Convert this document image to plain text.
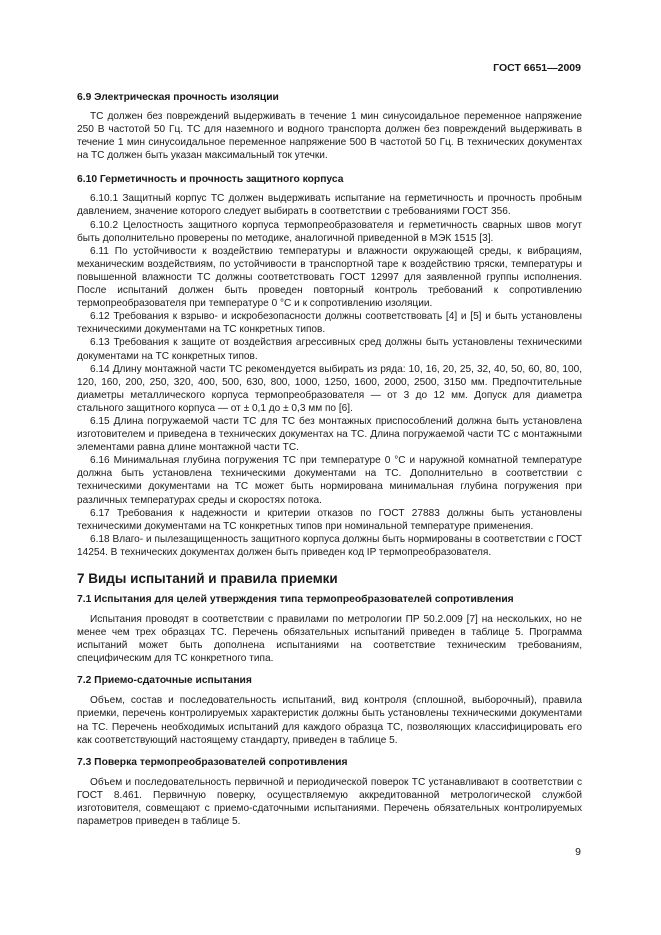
ГОСТ 6651—2009
6.9 Электрическая прочность изоляции

ТС должен без повреждений выдерживать в течение 1 мин синусоидальное переменное напряжение 250 В частотой 50 Гц. ТС для наземного и водного транспорта должен без повреждений выдерживать в течение 1 мин синусоидальное переменное напряжение 500 В частотой 50 Гц. В технических документах на ТС должен быть указан максимальный ток утечки.

6.10 Герметичность и прочность защитного корпуса

6.10.1 Защитный корпус ТС должен выдерживать испытание на герметичность и прочность пробным давлением, значение которого следует выбирать в соответствии с требованиями ГОСТ 356.

6.10.2 Целостность защитного корпуса термопреобразователя и герметичность сварных швов могут быть дополнительно проверены по методике, аналогичной приведенной в МЭК 1515 [3].

6.11 По устойчивости к воздействию температуры и влажности окружающей среды, к вибрациям, механическим воздействиям, по устойчивости в транспортной таре к воздействию тряски, температуры и повышенной влажности ТС должны соответствовать ГОСТ 12997 для заявленной группы исполнения. После испытаний должен быть проведен повторный контроль требований к сопротивлению термопреобразователя при температуре 0 °С и к сопротивлению изоляции.

6.12 Требования к взрыво- и искробезопасности должны соответствовать [4] и [5] и быть установлены техническими документами на ТС конкретных типов.

6.13 Требования к защите от воздействия агрессивных сред должны быть установлены техническими документами на ТС конкретных типов.

6.14 Длину монтажной части ТС рекомендуется выбирать из ряда: 10, 16, 20, 25, 32, 40, 50, 60, 80, 100, 120, 160, 200, 250, 320, 400, 500, 630, 800, 1000, 1250, 1600, 2000, 2500, 3150 мм. Предпочтительные диаметры металлического корпуса термопреобразователя — от 3 до 12 мм. Допуск для диаметра стального защитного корпуса — от ± 0,1 до ± 0,3 мм по [6].

6.15 Длина погружаемой части ТС для ТС без монтажных приспособлений должна быть установлена изготовителем и приведена в технических документах на ТС. Длина погружаемой части ТС с монтажными элементами равна длине монтажной части ТС.

6.16 Минимальная глубина погружения ТС при температуре 0 °С и наружной комнатной температуре должна быть установлена техническими документами на ТС. Дополнительно в соответствии с техническими документами на ТС может быть нормирована минимальная глубина погружения при различных температурах среды и скоростях потока.

6.17 Требования к надежности и критерии отказов по ГОСТ 27883 должны быть установлены техническими документами на ТС конкретных типов при номинальной температуре применения.

6.18 Влаго- и пылезащищенность защитного корпуса должны быть нормированы в соответствии с ГОСТ 14254. В технических документах должен быть приведен код IP термопреобразователя.

7 Виды испытаний и правила приемки
7.1 Испытания для целей утверждения типа термопреобразователей сопротивления

Испытания проводят в соответствии с правилами по метрологии ПР 50.2.009 [7] на нескольких, но не менее чем трех образцах ТС. Перечень обязательных испытаний приведен в таблице 5. Программа испытаний может быть дополнена испытаниями на соответствие техническим требованиям, специфическим для ТС конкретного типа.

7.2 Приемо-сдаточные испытания

Объем, состав и последовательность испытаний, вид контроля (сплошной, выборочный), правила приемки, перечень контролируемых характеристик должны быть установлены техническими документами на ТС. Перечень необходимых испытаний для каждого образца ТС, позволяющих классифицировать его как соответствующий настоящему стандарту, приведен в таблице 5.

7.3 Поверка термопреобразователей сопротивления

Объем и последовательность первичной и периодической поверок ТС устанавливают в соответствии с ГОСТ 8.461. Первичную поверку, осуществляемую аккредитованной метрологической службой изготовителя, совмещают с приемо-сдаточными испытаниями. Перечень обязательных контролируемых параметров приведен в таблице 5.

9
